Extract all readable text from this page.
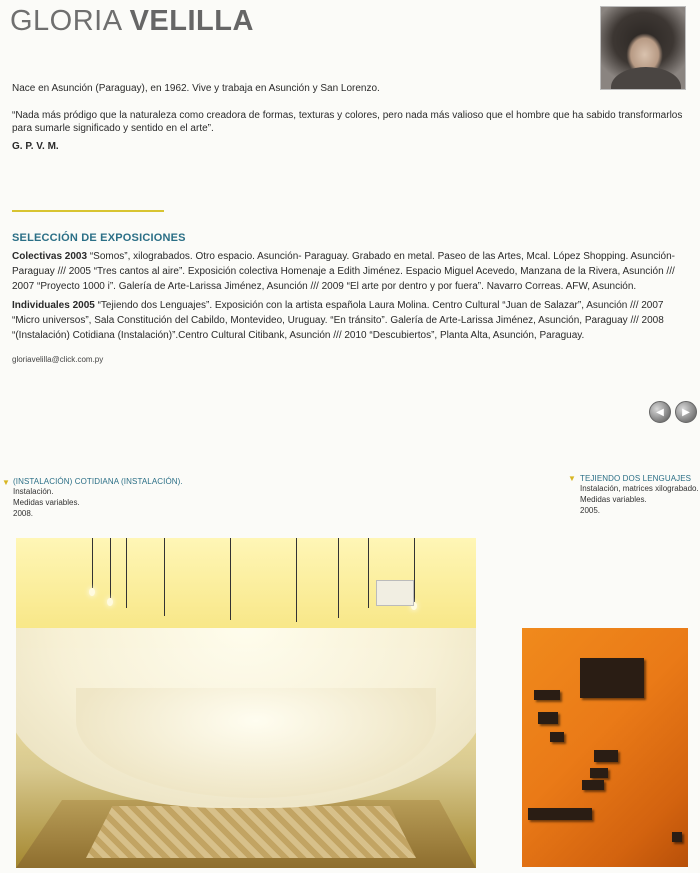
GLORIA VELILLA

Nace en Asunción (Paraguay), en 1962. Vive y trabaja en Asunción y San Lorenzo.

“Nada más pródigo que la naturaleza como creadora de formas, texturas y colores, pero nada más valioso que el hombre que ha sabido transformarlos para sumarle significado y sentido en el arte”.

G. P. V. M.

SELECCIÓN DE EXPOSICIONES

Colectivas 2003 “Somos”, xilograbados. Otro espacio. Asunción- Paraguay. Grabado en metal. Paseo de las Artes, Mcal. López Shopping. Asunción- Paraguay /// 2005 “Tres cantos al aire”. Exposición colectiva Homenaje a Edith Jiménez. Espacio Miguel Acevedo, Manzana de la Rivera, Asunción /// 2007 “Proyecto 1000 i”. Galería de Arte-Larissa Jiménez, Asunción /// 2009 “El arte por dentro y por fuera”. Navarro Correas. AFW, Asunción.

Individuales 2005 “Tejiendo dos Lenguajes”. Exposición con la artista española Laura Molina. Centro Cultural “Juan de Salazar”, Asunción /// 2007 “Micro universos”, Sala Constitución del Cabildo, Montevideo, Uruguay. “En tránsito”. Galería de Arte-Larissa Jiménez, Asunción, Paraguay /// 2008 “(Instalación) Cotidiana (Instalación)”.Centro Cultural Citibank, Asunción /// 2010 “Descubiertos”, Planta Alta, Asunción, Paraguay.

gloriavelilla@click.com.py

◀ ▶
▼ (INSTALACIÓN) COTIDIANA (INSTALACIÓN).
Instalación.
Medidas variables.
2008.
▼ TEJIENDO DOS LENGUAJES
Instalación, matrices xilograbado.
Medidas variables.
2005.
